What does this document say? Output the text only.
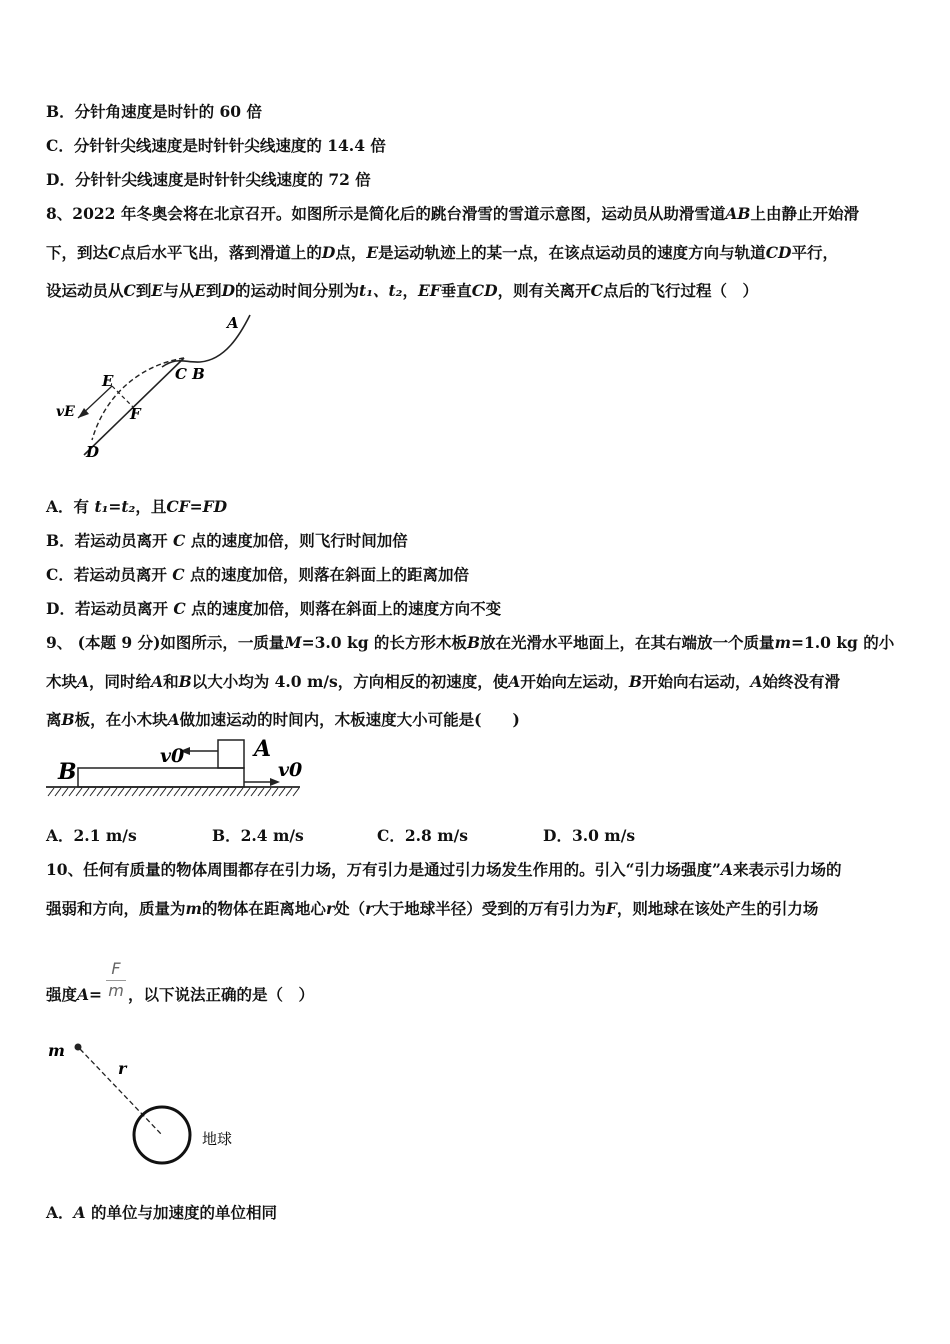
B．分针角速度是时针的 60 倍
C．分针针尖线速度是时针针尖线速度的 14.4 倍
D．分针针尖线速度是时针针尖线速度的 72 倍
8、2022 年冬奥会将在北京召开。如图所示是简化后的跳台滑雪的雪道示意图，运动员从助滑雪道AB上由静止开始滑
下，到达C点后水平飞出，落到滑道上的D点，E是运动轨迹上的某一点，在该点运动员的速度方向与轨道CD平行，
设运动员从C到E与从E到D的运动时间分别为t₁、t₂，EF垂直CD，则有关离开C点后的飞行过程（　）
A
C B
E
F
vE
D
A．有 t₁=t₂，且CF=FD
B．若运动员离开 C 点的速度加倍，则飞行时间加倍
C．若运动员离开 C 点的速度加倍，则落在斜面上的距离加倍
D．若运动员离开 C 点的速度加倍，则落在斜面上的速度方向不变
9、 (本题 9 分)如图所示，一质量M=3.0 kg 的长方形木板B放在光滑水平地面上，在其右端放一个质量m=1.0 kg 的小
木块A，同时给A和B以大小均为 4.0 m/s，方向相反的初速度，使A开始向左运动，B开始向右运动，A始终没有滑
离B板，在小木块A做加速运动的时间内，木板速度大小可能是(　　)
B
A
v0
v0
A．2.1 m/s	B．2.4 m/s	C．2.8 m/s	D．3.0 m/s
10、任何有质量的物体周围都存在引力场，万有引力是通过引力场发生作用的。引入“引力场强度”A来表示引力场的
强弱和方向，质量为m的物体在距离地心r处（r大于地球半径）受到的万有引力为F，则地球在该处产生的引力场
强度A= ，以下说法正确的是（　）
F
m
m
r
地球
A．A 的单位与加速度的单位相同
